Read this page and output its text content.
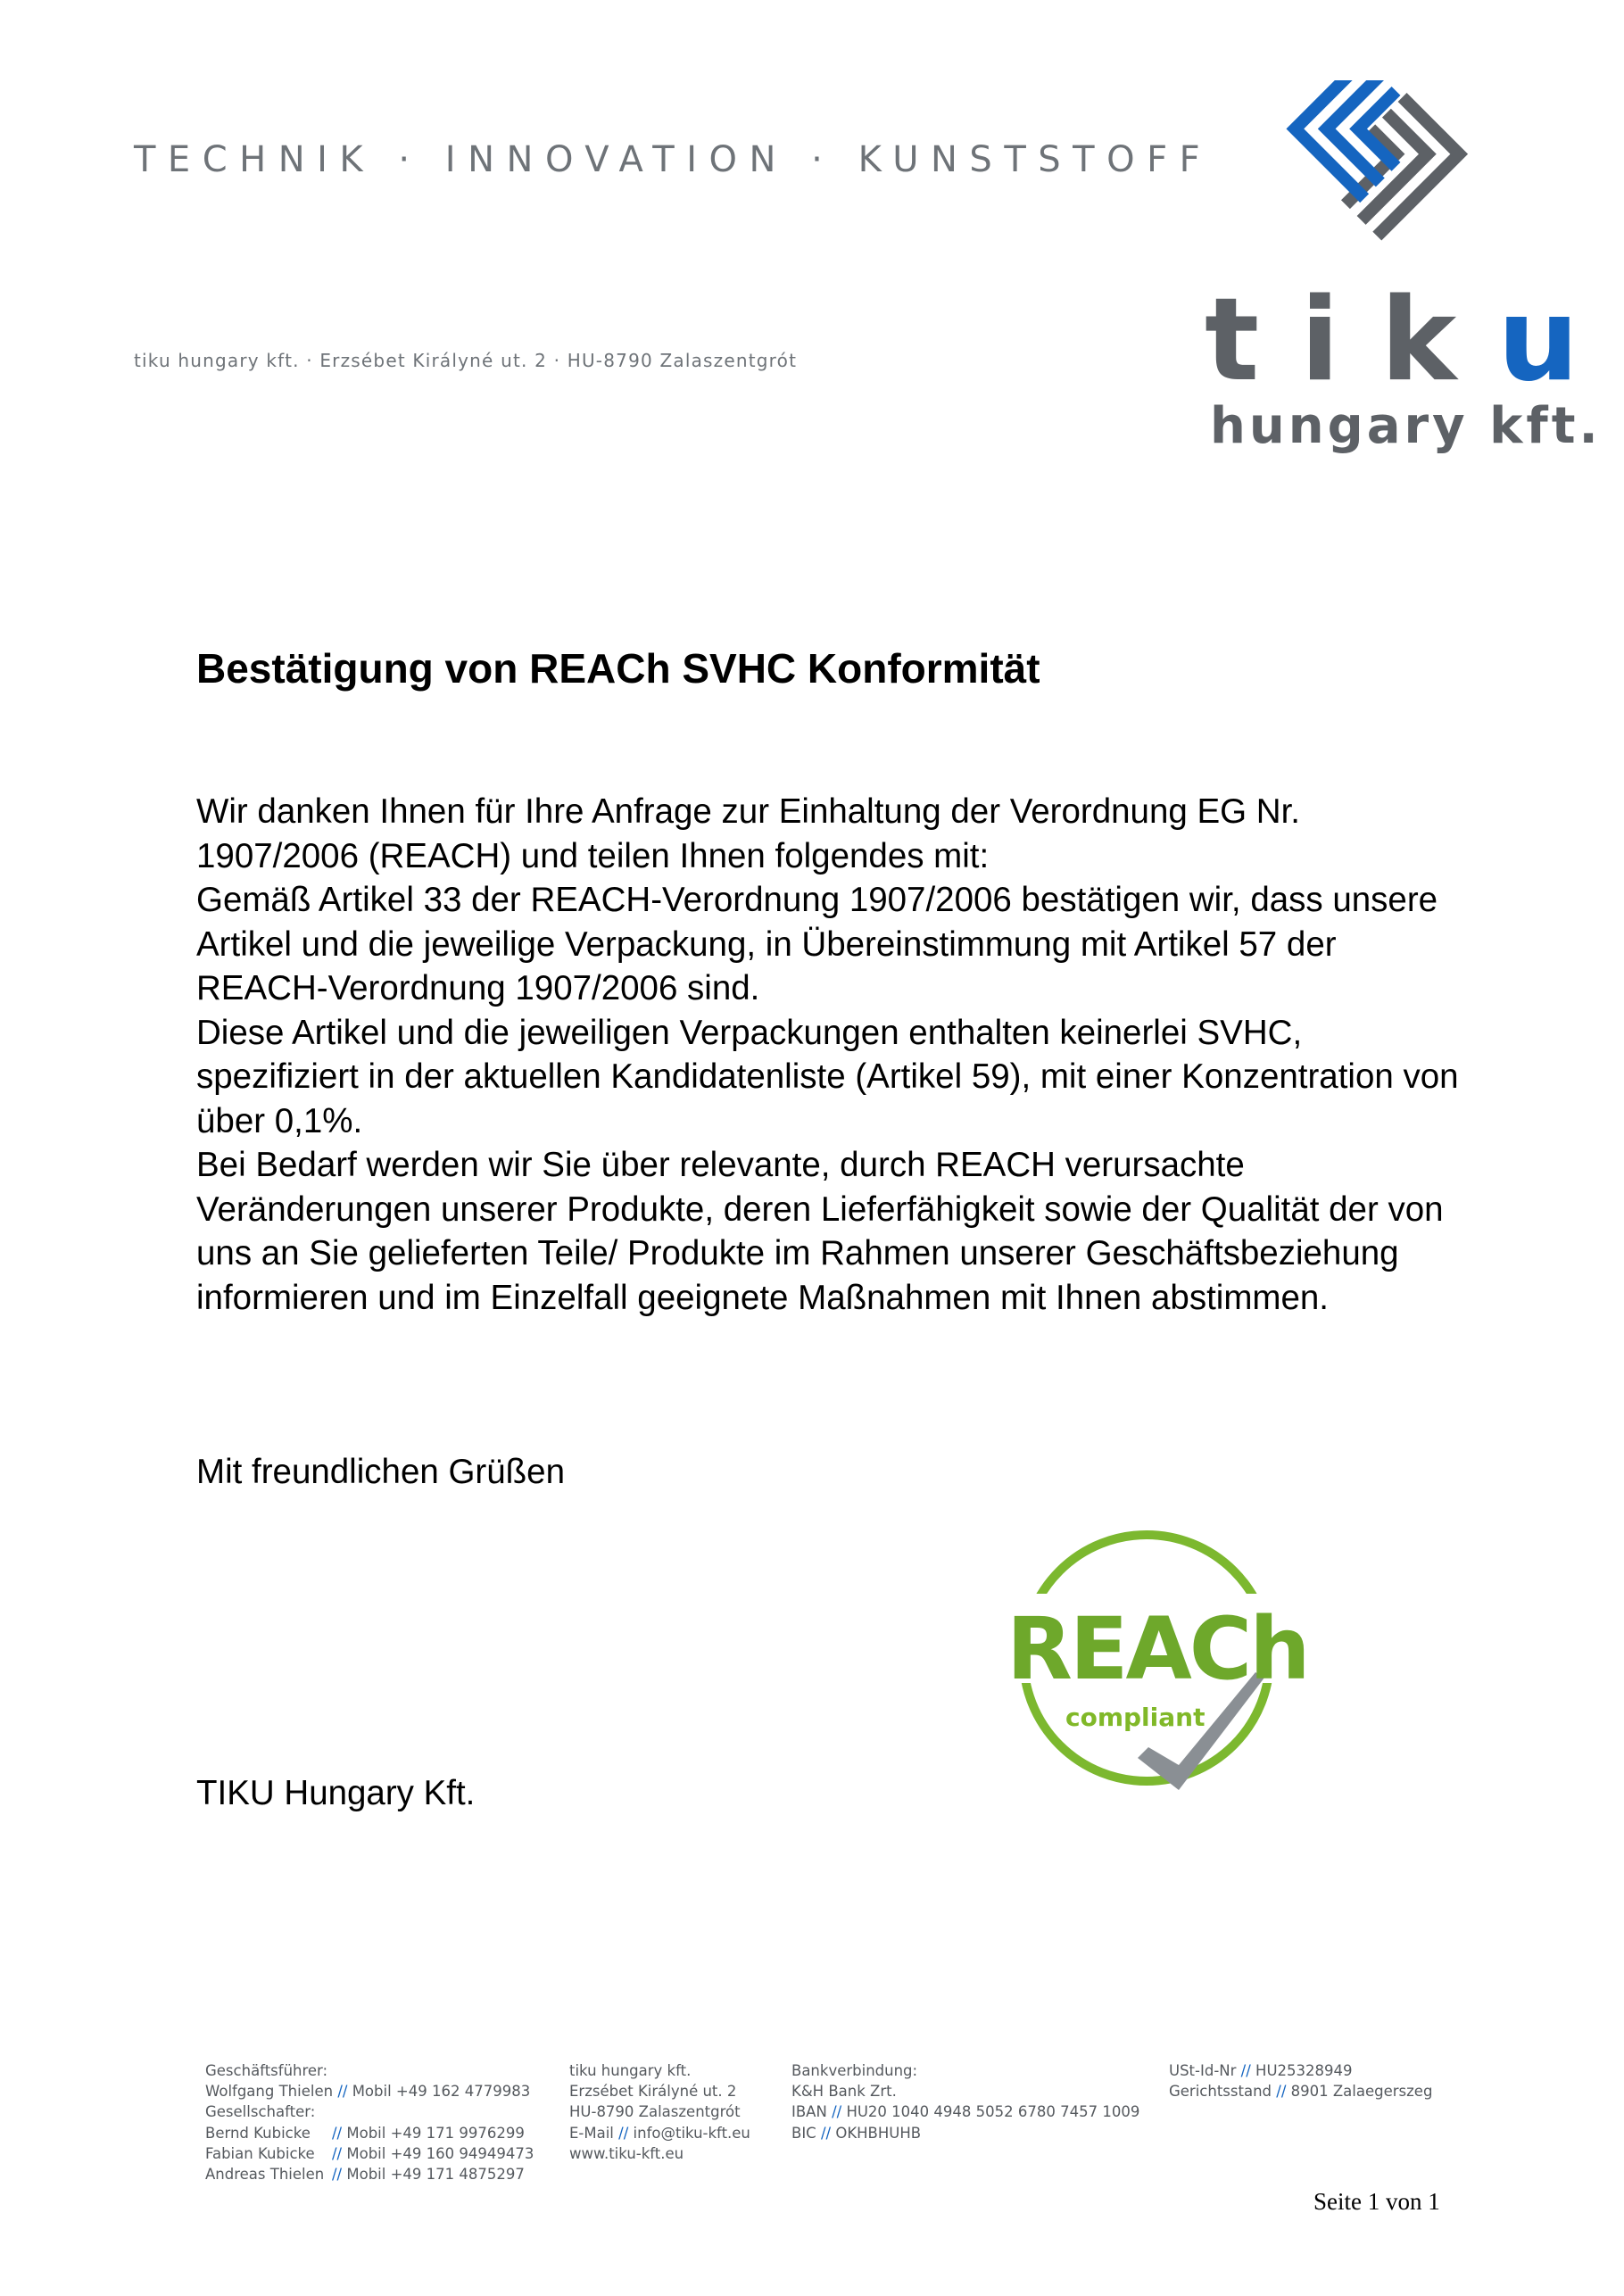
TECHNIK · INNOVATION · KUNSTSTOFF
tiku hungary kft. · Erzsébet Királyné ut. 2 · HU-8790 Zalaszentgrót	tiku
hungary kft.
Bestätigung von REACh SVHC Konformität

Wir danken Ihnen für Ihre Anfrage zur Einhaltung der Verordnung EG Nr. 1907/2006 (REACH) und teilen Ihnen folgendes mit:

Gemäß Artikel 33 der REACH-Verordnung 1907/2006 bestätigen wir, dass unsere Artikel und die jeweilige Verpackung, in Übereinstimmung mit Artikel 57 der REACH-Verordnung 1907/2006 sind.

Diese Artikel und die jeweiligen Verpackungen enthalten keinerlei SVHC, spezifiziert in der aktuellen Kandidatenliste (Artikel 59), mit einer Konzentration von über 0,1%.

Bei Bedarf werden wir Sie über relevante, durch REACH verursachte Veränderungen unserer Produkte, deren Lieferfähigkeit sowie der Qualität der von uns an Sie gelieferten Teile/ Produkte im Rahmen unserer Geschäftsbeziehung informieren und im Einzelfall geeignete Maßnahmen mit Ihnen abstimmen.

Mit freundlichen Grüßen
REACh
compliant
TIKU Hungary Kft.
Geschäftsführer:
Wolfgang Thielen // Mobil +49 162 4779983
Gesellschafter:
Bernd Kubicke // Mobil +49 171 9976299
Fabian Kubicke // Mobil +49 160 94949473
Andreas Thielen // Mobil +49 171 4875297
tiku hungary kft.
Erzsébet Királyné ut. 2
HU-8790 Zalaszentgrót
E-Mail // info@tiku-kft.eu
www.tiku-kft.eu
Bankverbindung:
K&H Bank Zrt.
IBAN // HU20 1040 4948 5052 6780 7457 1009
BIC // OKHBHUHB
USt-Id-Nr // HU25328949
Gerichtsstand // 8901 Zalaegerszeg
Seite 1 von 1
